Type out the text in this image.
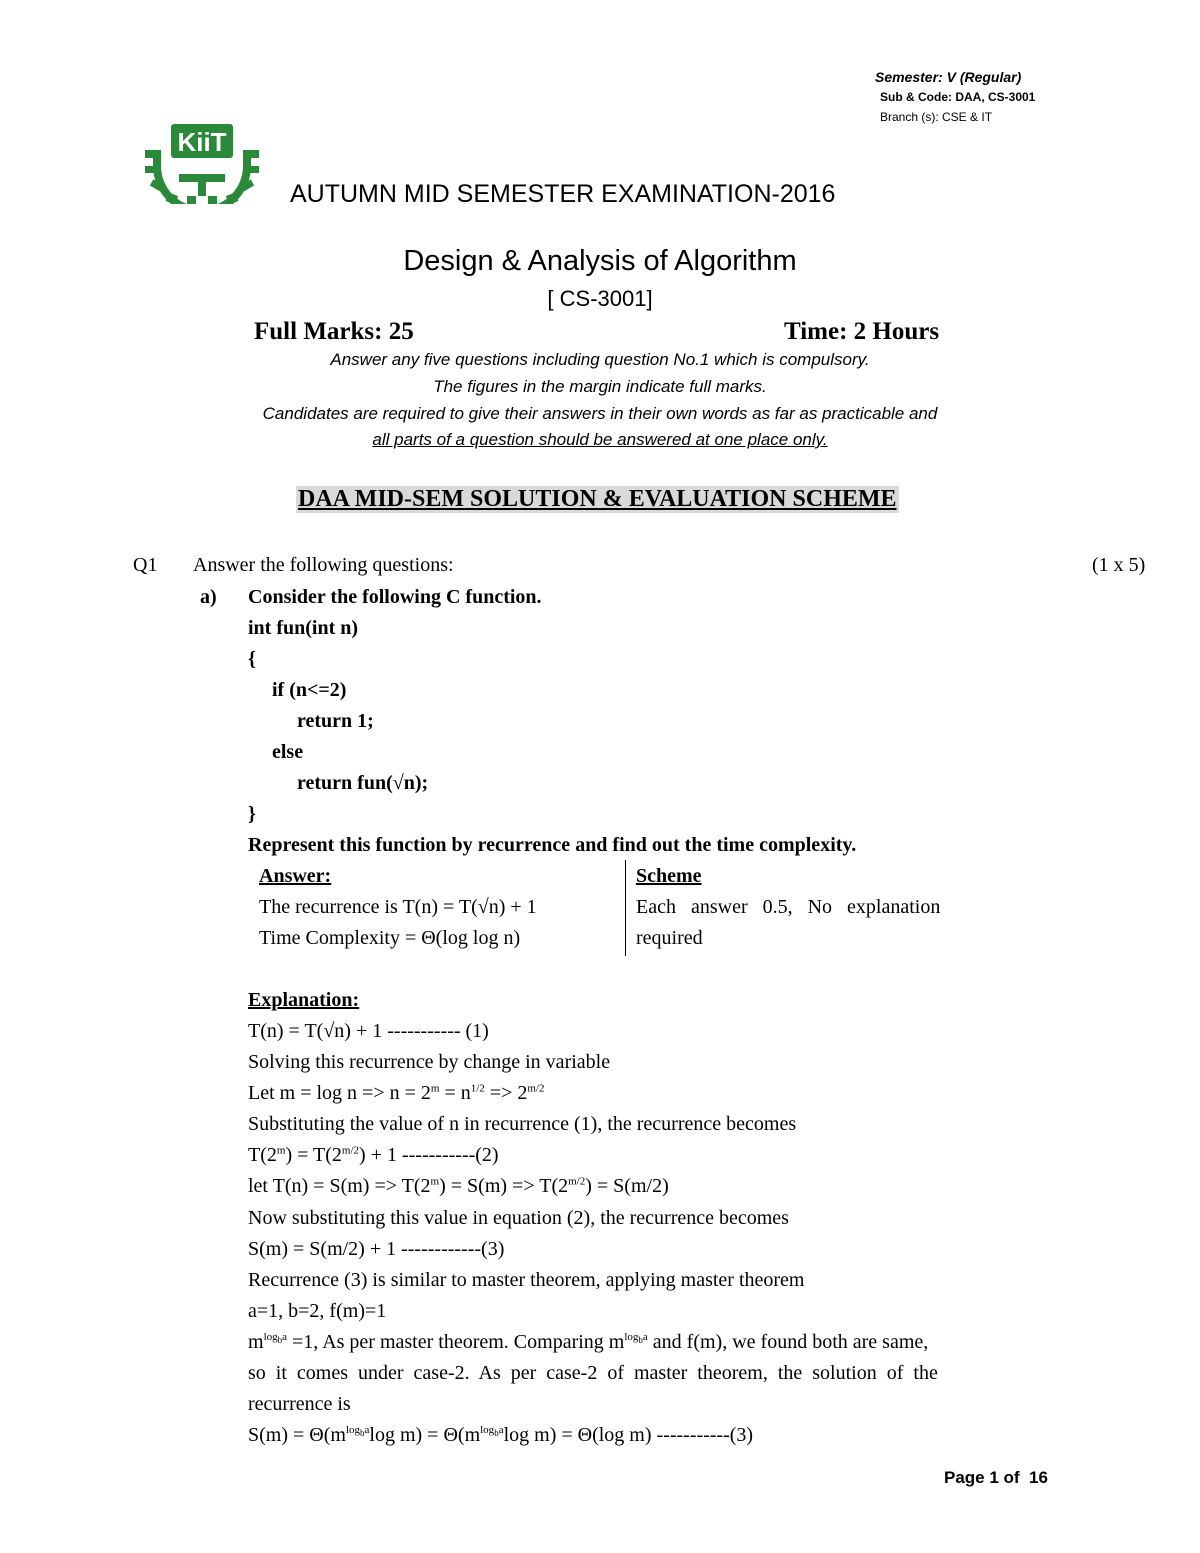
Semester: V (Regular)
Sub & Code: DAA, CS-3001
Branch (s): CSE & IT
KiiT
AUTUMN MID SEMESTER EXAMINATION-2016
Design & Analysis of Algorithm
[ CS-3001]
Full Marks: 25	Time: 2 Hours
Answer any five questions including question No.1 which is compulsory.
The figures in the margin indicate full marks.
Candidates are required to give their answers in their own words as far as practicable and
all parts of a question should be answered at one place only.
DAA MID-SEM SOLUTION & EVALUATION SCHEME
Q1 Answer the following questions:	(1 x 5)
a) Consider the following C function.
int fun(int n)
{
if (n<=2)
return 1;
else
return fun(√n);
}
Represent this function by recurrence and find out the time complexity.
Answer:
The recurrence is T(n) = T(√n) + 1
Time Complexity = Θ(log log n)
Scheme
Each   answer   0.5,   No   explanation
required
Explanation:
T(n) = T(√n) + 1 ----------- (1)
Solving this recurrence by change in variable
Let $m = \log n => n = 2^m = n^{1/2} => 2^{m/2}$
Substituting the value of n in recurrence (1), the recurrence becomes
$T(2^m) = T(2^{m/2}) + 1$ -----------(2)
let $T(n) = S(m) => T(2^m) = S(m) => T(2^{m/2}) = S(m/2)$
Now substituting this value in equation (2), the recurrence becomes
S(m) = S(m/2) + 1 ------------(3)
Recurrence (3) is similar to master theorem, applying master theorem
a=1, b=2, f(m)=1
$m^{log_ba} =1$, As per master theorem. Comparing $m^{log_ba}$ and f(m), we found both are same,
so  it  comes  under  case-2.  As  per  case-2  of  master  theorem,  the  solution  of  the
recurrence is
$S(m) = \Theta(m^{log_ba}\log$ $m) = \Theta(m^{log_ba}\log$ m) = Θ(log m) -----------(3)
Page 1 of  16
